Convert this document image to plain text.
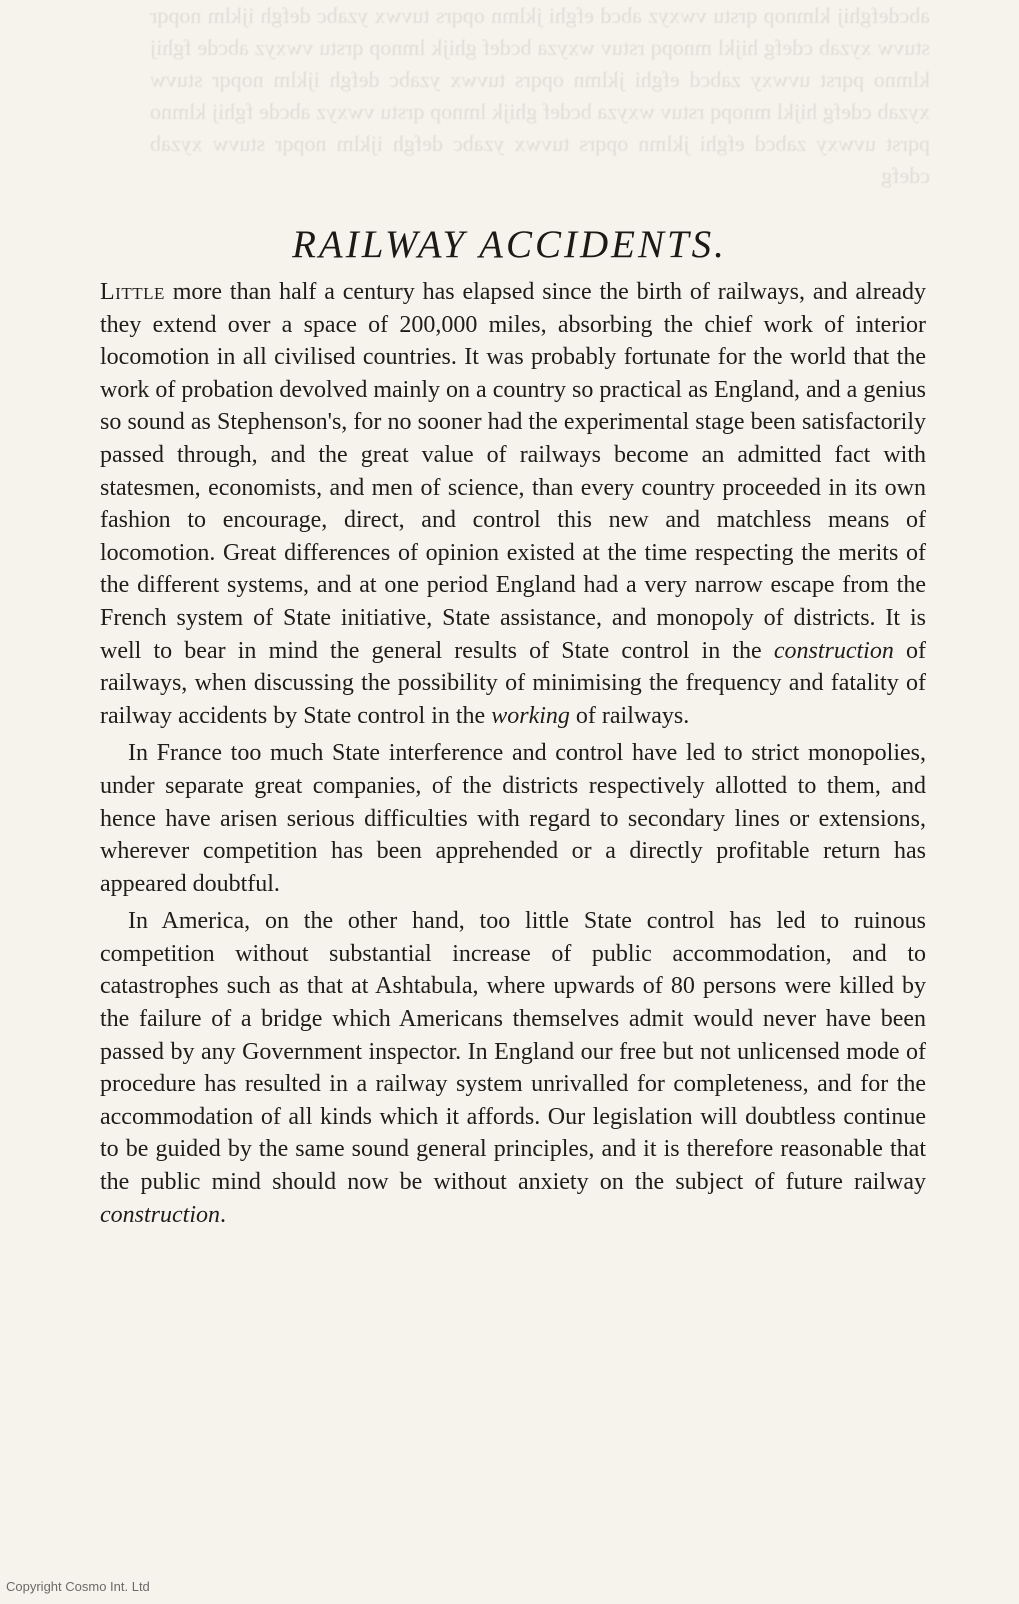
abcdefghij klmnop qrstu vwxyz abcd efghi jklmn opqrs tuvwx yzabc defgh ijklm nopqr stuvw xyzab cdefg hijkl mnopq rstuv wxyza bcdef ghijk lmnop qrstu vwxyz abcde fghij klmno pqrst uvwxy zabcd efghi jklmn opqrs tuvwx yzabc defgh ijklm nopqr stuvw xyzab cdefg hijkl mnopq rstuv wxyza bcdef ghijk lmnop qrstu vwxyz abcde fghij klmno pqrst uvwxy zabcd efghi jklmn opqrs tuvwx yzabc defgh ijklm nopqr stuvw xyzab cdefg

RAILWAY ACCIDENTS.

Little more than half a century has elapsed since the birth of railways, and already they extend over a space of 200,000 miles, absorbing the chief work of interior locomotion in all civilised countries. It was probably fortunate for the world that the work of probation devolved mainly on a country so practical as England, and a genius so sound as Stephenson's, for no sooner had the experimental stage been satisfactorily passed through, and the great value of railways become an admitted fact with statesmen, economists, and men of science, than every country proceeded in its own fashion to encourage, direct, and control this new and matchless means of locomotion. Great differences of opinion existed at the time respecting the merits of the different systems, and at one period England had a very narrow escape from the French system of State initiative, State assistance, and monopoly of districts. It is well to bear in mind the general results of State control in the construction of railways, when discussing the possibility of minimising the frequency and fatality of railway accidents by State control in the working of railways.

In France too much State interference and control have led to strict monopolies, under separate great companies, of the districts respectively allotted to them, and hence have arisen serious difficulties with regard to secondary lines or extensions, wherever competition has been apprehended or a directly profitable return has appeared doubtful.

In America, on the other hand, too little State control has led to ruinous competition without substantial increase of public accommodation, and to catastrophes such as that at Ashtabula, where upwards of 80 persons were killed by the failure of a bridge which Americans themselves admit would never have been passed by any Government inspector. In England our free but not unlicensed mode of procedure has resulted in a railway system unrivalled for completeness, and for the accommodation of all kinds which it affords. Our legislation will doubtless continue to be guided by the same sound general principles, and it is therefore reasonable that the public mind should now be without anxiety on the subject of future railway construction.

Copyright Cosmo Int. Ltd
